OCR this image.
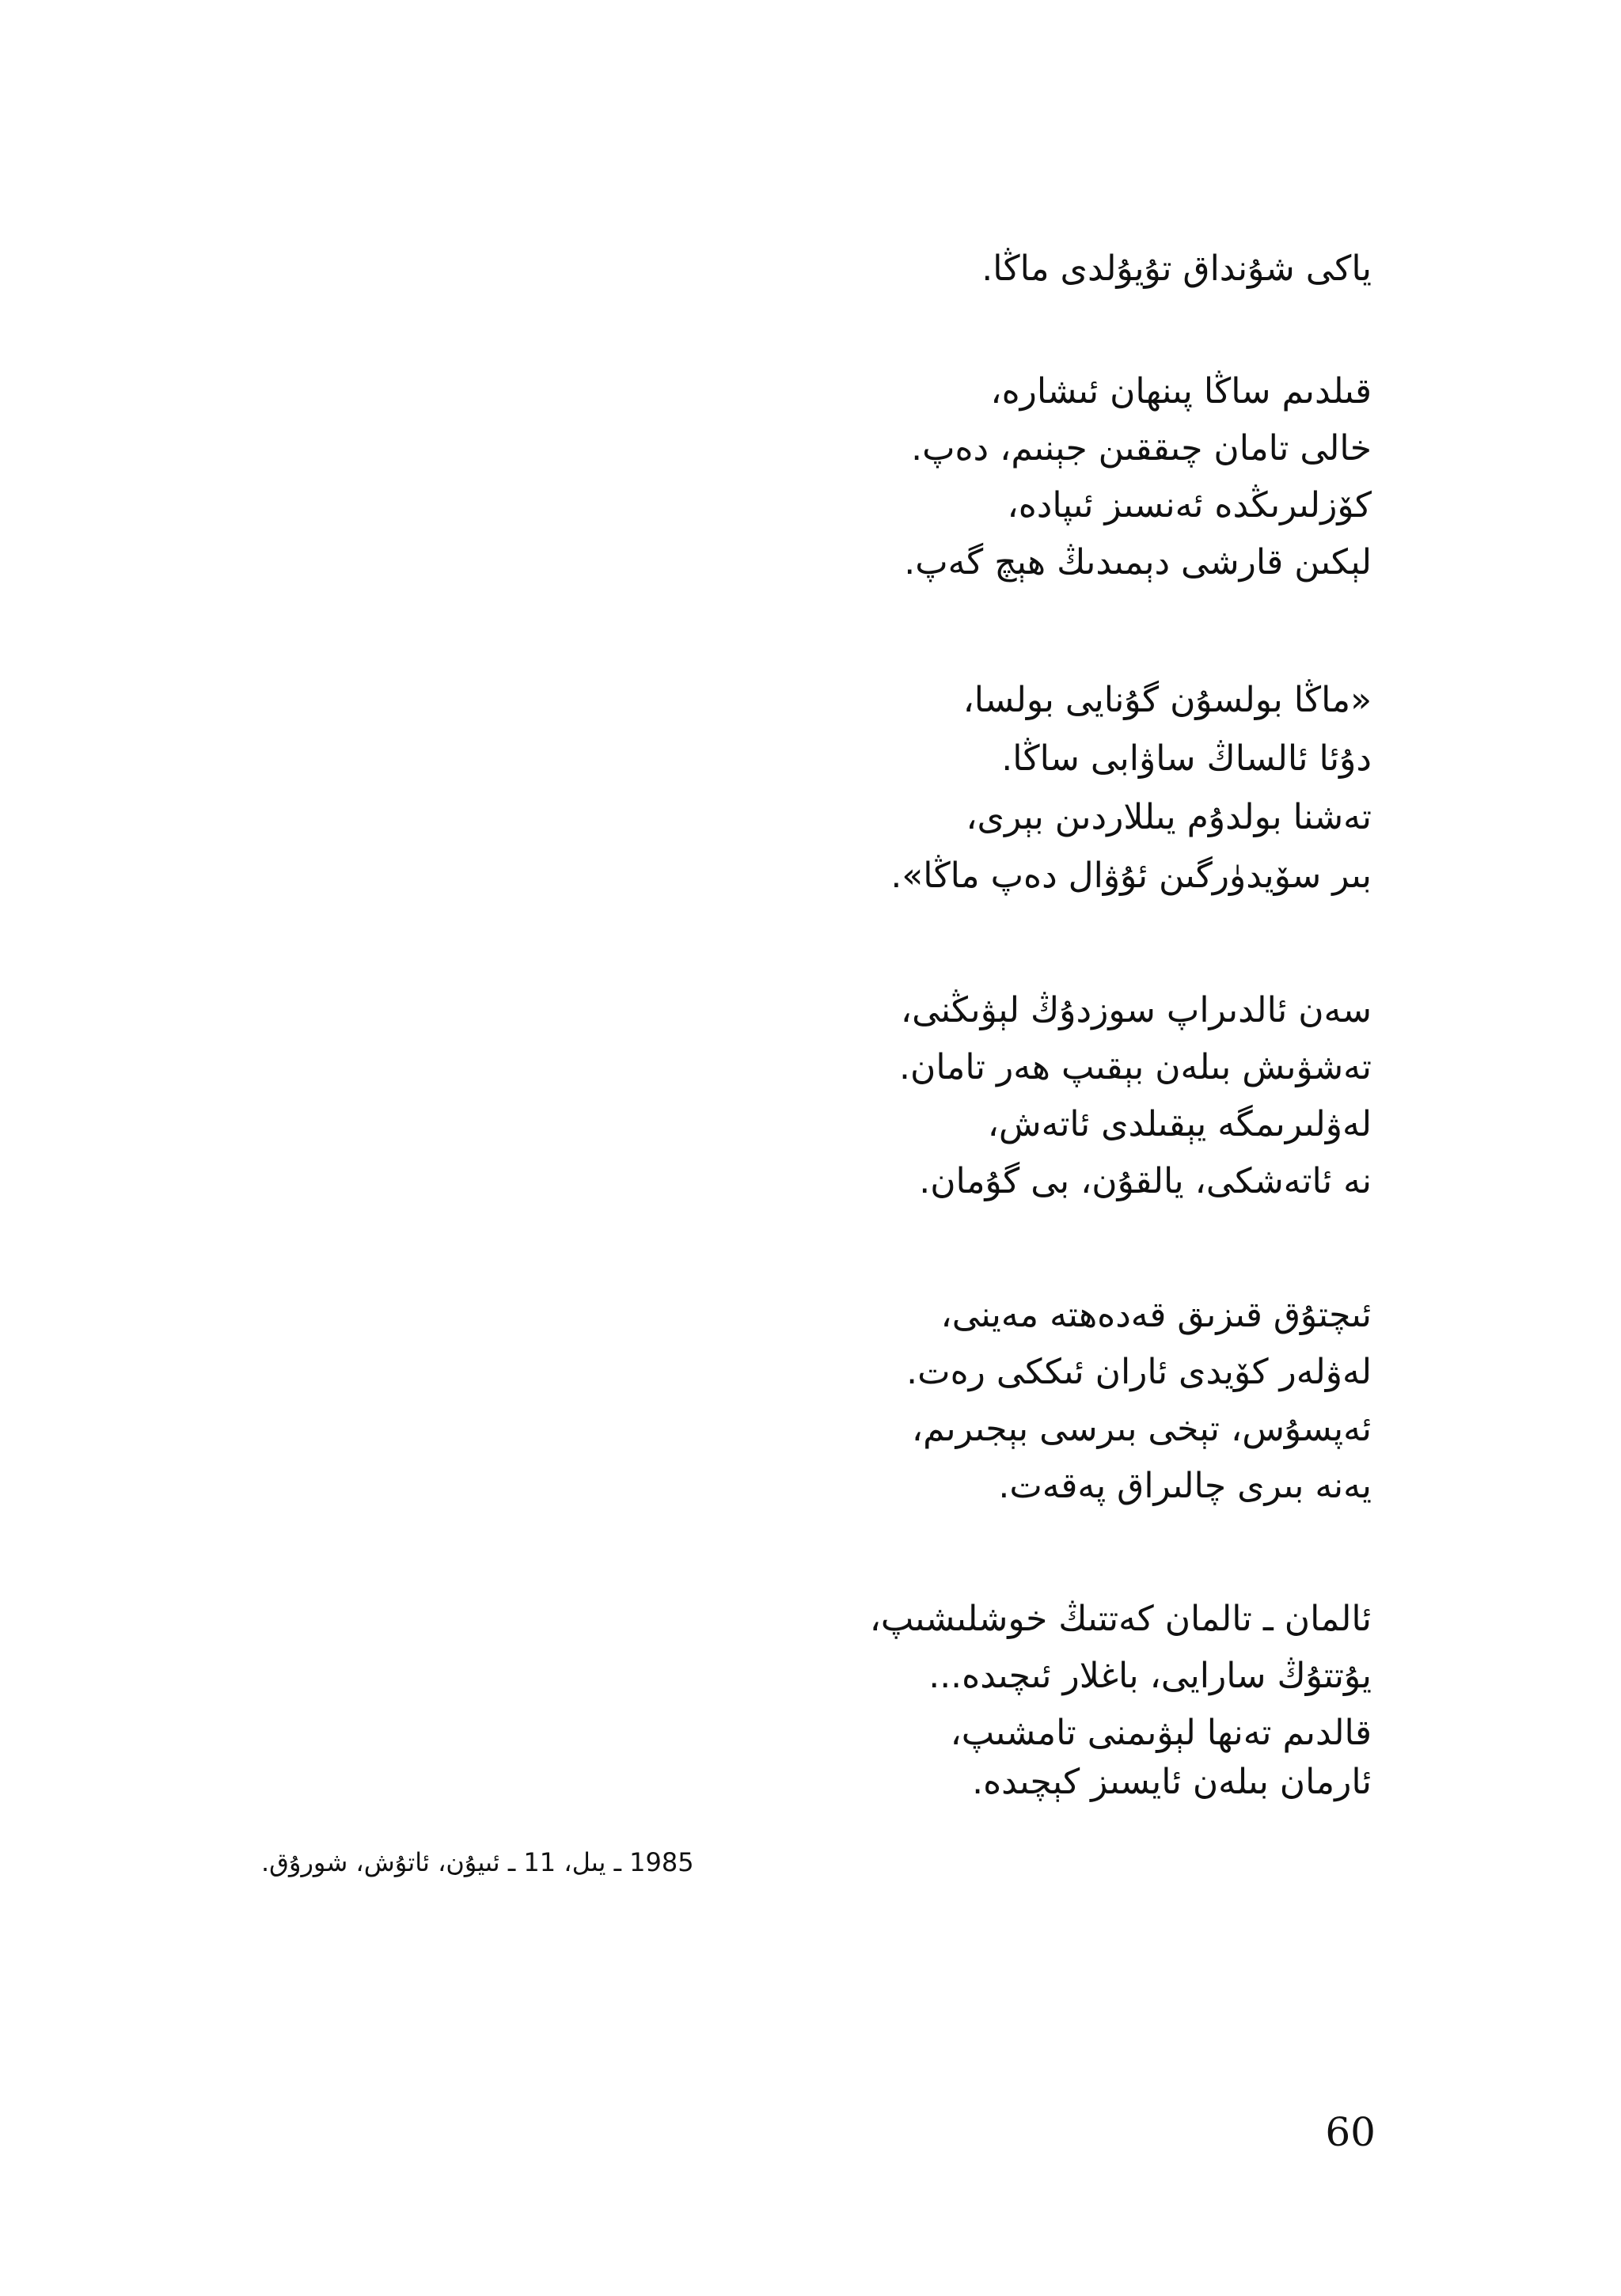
ياكى شۇنداق تۇيۇلدى ماڭا.
قىلدىم ساڭا پىنھان ئىشارە،
خالى تامان چىققىن جېنىم، دەپ.
كۆزلىرىڭدە ئەنسىز ئىپادە،
لېكىن قارشى دېمىدىڭ ھېچ گەپ.
«ماڭا بولسۇن گۇنايى بولسا،
دۇئا ئالساڭ ساۋابى ساڭا.
تەشنا بولدۇم يىللاردىن بېرى،
بىر سۆيدۈرگىن ئۇۋال دەپ ماڭا».
سەن ئالدىراپ سوزدۇڭ لېۋىڭنى،
تەشۋىش بىلەن بېقىپ ھەر تامان.
لەۋلىرىمگە يېقىلدى ئاتەش،
نە ئاتەشكى، يالقۇن، بى گۇمان.
ئىچتۇق قىزىق قەدەھتە مەينى،
لەۋلەر كۆيدى ئاران ئىككى رەت.
ئەپسۇس، تېخى بىرسى بېجىرىم،
يەنە بىرى چالىراق پەقەت.
ئالمان ـ تالمان كەتتىڭ خوشلىشىپ،
يۇتتۇڭ سارايى، باغلار ئىچىدە...
قالدىم تەنھا لېۋىمنى تامشىپ،
ئارمان بىلەن ئايسىز كېچىدە.
1985 ـ يىل، 11 ـ ئىيۇن، ئاتۇش، شورۇق.
60
